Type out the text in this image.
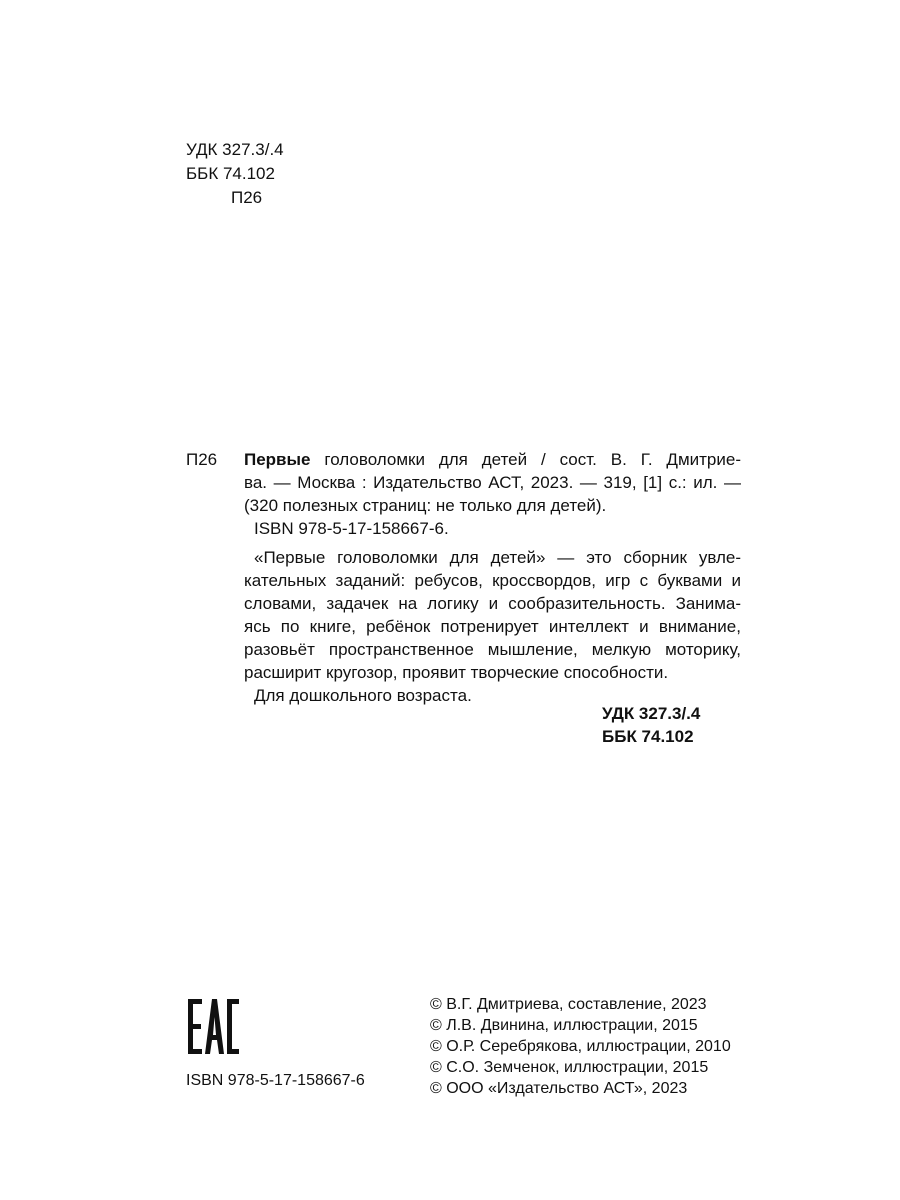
УДК 327.3/.4
ББК 74.102
П26
П26	Первые головоломки для детей / сост. В. Г. Дмитрие-
ва. — Москва : Издательство АСТ, 2023. — 319, [1] с.: ил. —
(320 полезных страниц: не только для детей).
ISBN 978-5-17-158667-6.
«Первые головоломки для детей» — это сборник увле-
кательных заданий: ребусов, кроссвордов, игр с буквами и
словами, задачек на логику и сообразительность. Занима-
ясь по книге, ребёнок потренирует интеллект и внимание,
разовьёт пространственное мышление, мелкую моторику,
расширит кругозор, проявит творческие способности.
Для дошкольного возраста.
УДК 327.3/.4
ББК 74.102
ISBN 978-5-17-158667-6
© В.Г. Дмитриева, составление, 2023
© Л.В. Двинина, иллюстрации, 2015
© О.Р. Серебрякова, иллюстрации, 2010
© С.О. Земченок, иллюстрации, 2015
© ООО «Издательство АСТ», 2023
